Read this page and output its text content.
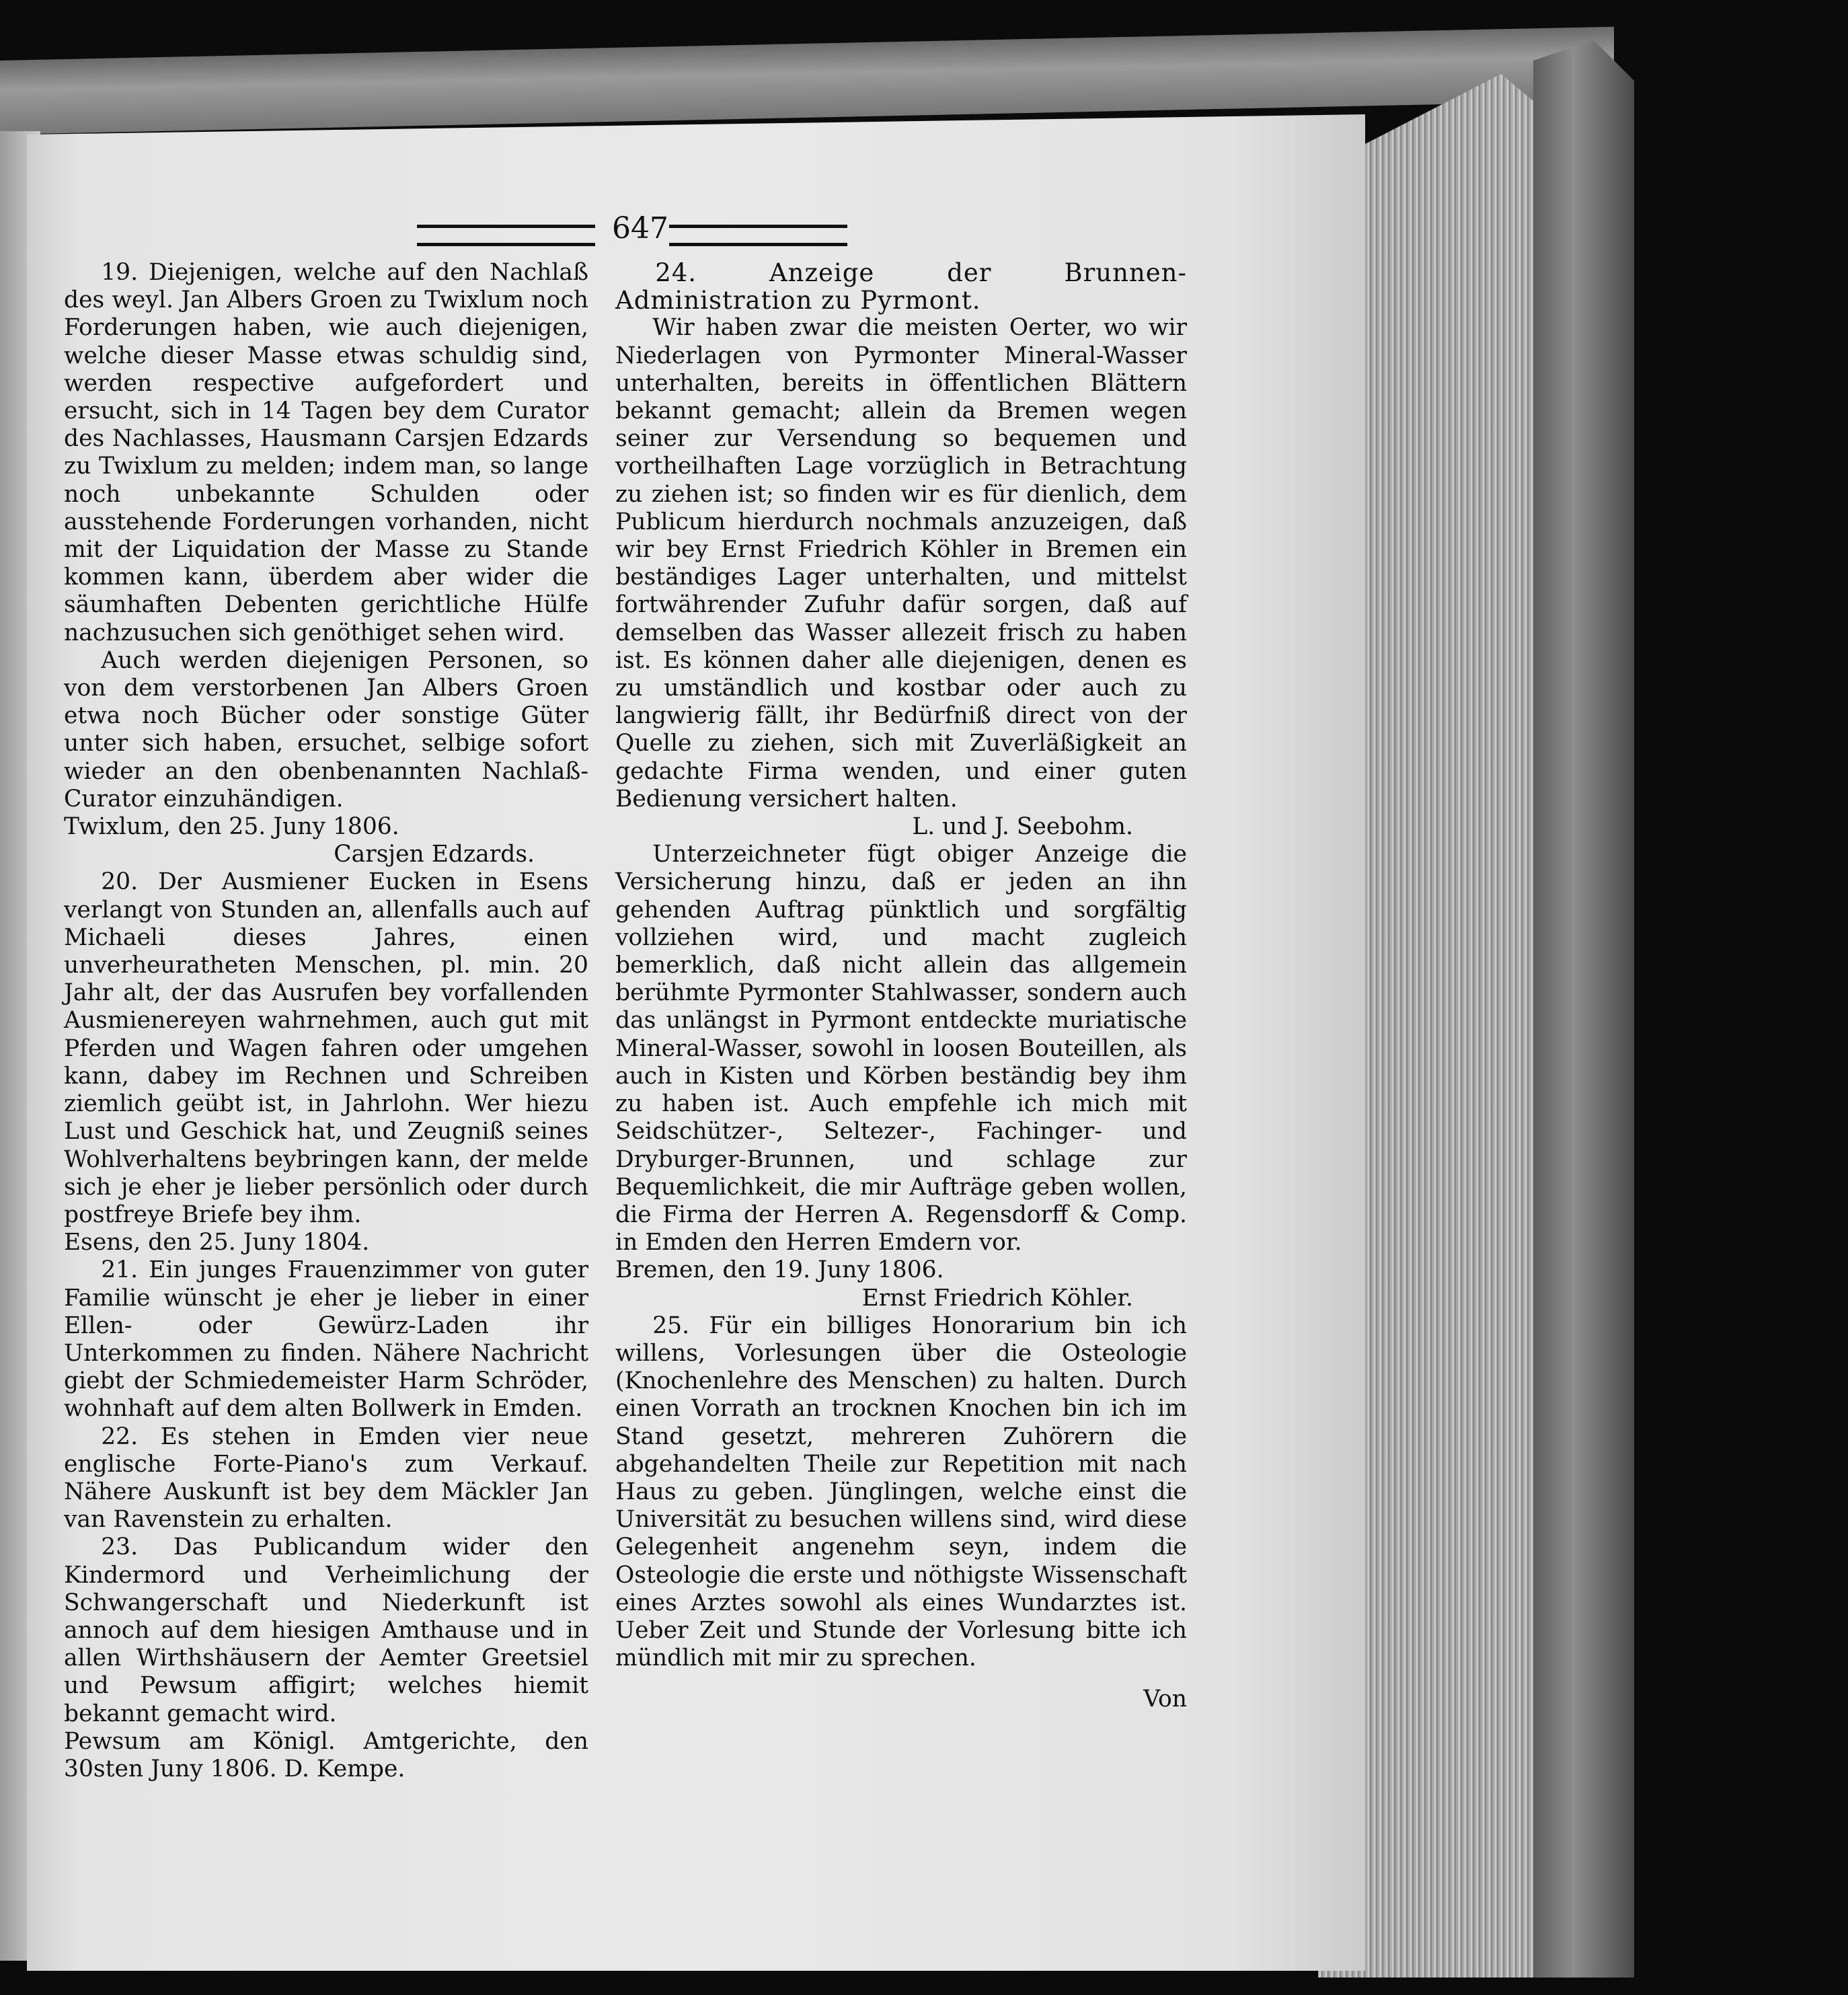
647

19. Diejenigen, welche auf den Nachlaß des weyl. Jan Albers Groen zu Twixlum noch Forderungen haben, wie auch diejenigen, welche dieser Masse etwas schuldig sind, werden respective aufgefordert und ersucht, sich in 14 Tagen bey dem Curator des Nachlasses, Hausmann Carsjen Edzards zu Twixlum zu melden; indem man, so lange noch unbekannte Schulden oder ausstehende Forderungen vorhanden, nicht mit der Liquidation der Masse zu Stande kommen kann, überdem aber wider die säumhaften Debenten gerichtliche Hülfe nachzusuchen sich genöthiget sehen wird.

Auch werden diejenigen Personen, so von dem verstorbenen Jan Albers Groen etwa noch Bücher oder sonstige Güter unter sich haben, ersuchet, selbige sofort wieder an den obenbenannten Nachlaß-Curator einzuhändigen.

Twixlum, den 25. Juny 1806.

Carsjen Edzards.

20. Der Ausmiener Eucken in Esens verlangt von Stunden an, allenfalls auch auf Michaeli dieses Jahres, einen unverheuratheten Menschen, pl. min. 20 Jahr alt, der das Ausrufen bey vorfallenden Ausmienereyen wahrnehmen, auch gut mit Pferden und Wagen fahren oder umgehen kann, dabey im Rechnen und Schreiben ziemlich geübt ist, in Jahrlohn. Wer hiezu Lust und Geschick hat, und Zeugniß seines Wohlverhaltens beybringen kann, der melde sich je eher je lieber persönlich oder durch postfreye Briefe bey ihm.

Esens, den 25. Juny 1804.

21. Ein junges Frauenzimmer von guter Familie wünscht je eher je lieber in einer Ellen- oder Gewürz-Laden ihr Unterkommen zu finden. Nähere Nachricht giebt der Schmiedemeister Harm Schröder, wohnhaft auf dem alten Bollwerk in Emden.

22. Es stehen in Emden vier neue englische Forte-Piano's zum Verkauf. Nähere Auskunft ist bey dem Mäckler Jan van Ravenstein zu erhalten.

23. Das Publicandum wider den Kindermord und Verheimlichung der Schwangerschaft und Niederkunft ist annoch auf dem hiesigen Amthause und in allen Wirthshäusern der Aemter Greetsiel und Pewsum affigirt; welches hiemit bekannt gemacht wird.

Pewsum am Königl. Amtgerichte, den 30sten Juny 1806. D. Kempe.

24. Anzeige der Brunnen-Administration zu Pyrmont.

Wir haben zwar die meisten Oerter, wo wir Niederlagen von Pyrmonter Mineral-Wasser unterhalten, bereits in öffentlichen Blättern bekannt gemacht; allein da Bremen wegen seiner zur Versendung so bequemen und vortheilhaften Lage vorzüglich in Betrachtung zu ziehen ist; so finden wir es für dienlich, dem Publicum hierdurch nochmals anzuzeigen, daß wir bey Ernst Friedrich Köhler in Bremen ein beständiges Lager unterhalten, und mittelst fortwährender Zufuhr dafür sorgen, daß auf demselben das Wasser allezeit frisch zu haben ist. Es können daher alle diejenigen, denen es zu umständlich und kostbar oder auch zu langwierig fällt, ihr Bedürfniß direct von der Quelle zu ziehen, sich mit Zuverläßigkeit an gedachte Firma wenden, und einer guten Bedienung versichert halten.

L. und J. Seebohm.

Unterzeichneter fügt obiger Anzeige die Versicherung hinzu, daß er jeden an ihn gehenden Auftrag pünktlich und sorgfältig vollziehen wird, und macht zugleich bemerklich, daß nicht allein das allgemein berühmte Pyrmonter Stahlwasser, sondern auch das unlängst in Pyrmont entdeckte muriatische Mineral-Wasser, sowohl in loosen Bouteillen, als auch in Kisten und Körben beständig bey ihm zu haben ist. Auch empfehle ich mich mit Seidschützer-, Seltezer-, Fachinger- und Dryburger-Brunnen, und schlage zur Bequemlichkeit, die mir Aufträge geben wollen, die Firma der Herren A. Regensdorff & Comp. in Emden den Herren Emdern vor.

Bremen, den 19. Juny 1806.

Ernst Friedrich Köhler.

25. Für ein billiges Honorarium bin ich willens, Vorlesungen über die Osteologie (Knochenlehre des Menschen) zu halten. Durch einen Vorrath an trocknen Knochen bin ich im Stand gesetzt, mehreren Zuhörern die abgehandelten Theile zur Repetition mit nach Haus zu geben. Jünglingen, welche einst die Universität zu besuchen willens sind, wird diese Gelegenheit angenehm seyn, indem die Osteologie die erste und nöthigste Wissenschaft eines Arztes sowohl als eines Wundarztes ist. Ueber Zeit und Stunde der Vorlesung bitte ich mündlich mit mir zu sprechen.

Von
